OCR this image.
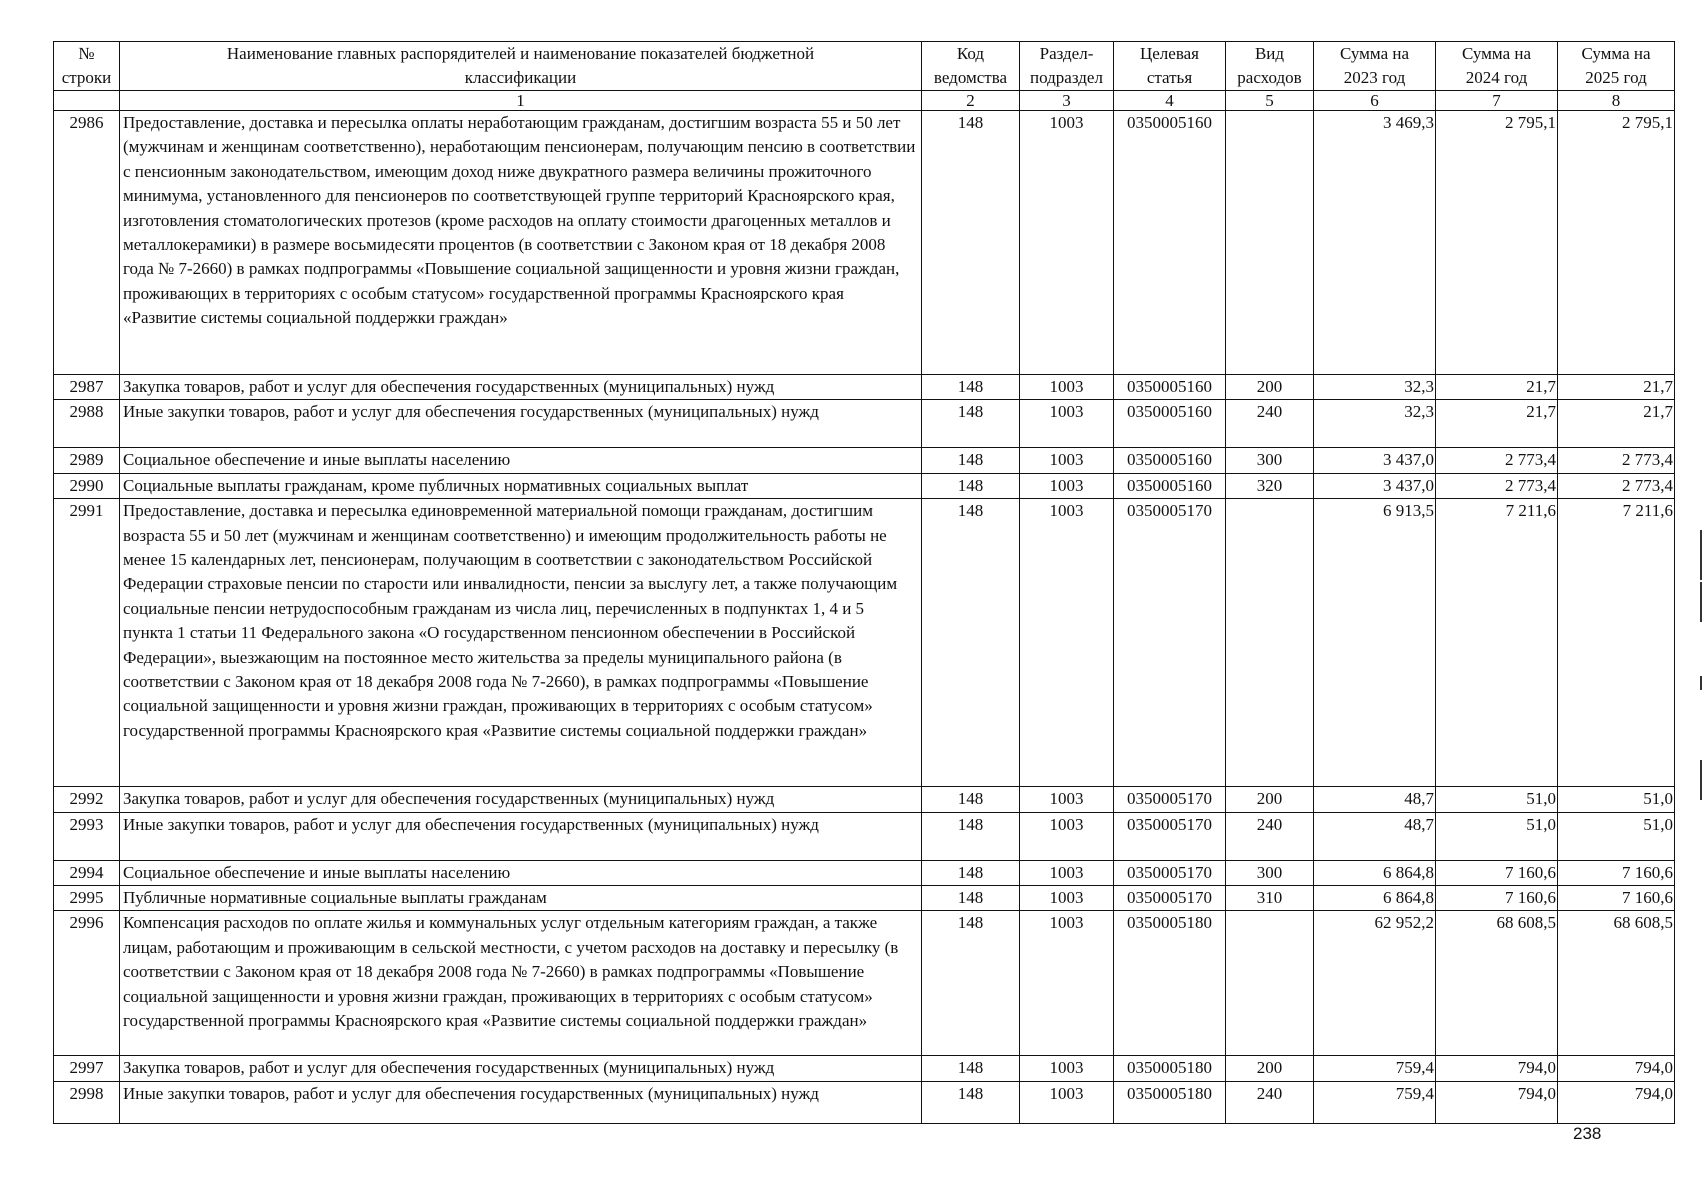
№ строки	Наименование главных распорядителей и наименование показателей бюджетной классификации	Код ведомства	Раздел-подраздел	Целевая статья	Вид расходов	Сумма на 2023 год	Сумма на 2024 год	Сумма на 2025 год
	1	2	3	4	5	6	7	8
2986	Предоставление, доставка и пересылка оплаты неработающим гражданам, достигшим возраста 55 и 50 лет (мужчинам и женщинам соответственно), неработающим пенсионерам, получающим пенсию в соответствии с пенсионным законодательством, имеющим доход ниже двукратного размера величины прожиточного минимума, установленного для пенсионеров по соответствующей группе территорий Красноярского края, изготовления стоматологических протезов (кроме расходов на оплату стоимости драгоценных металлов и металлокерамики) в размере восьмидесяти процентов (в соответствии с Законом края от 18 декабря 2008 года № 7-2660) в рамках подпрограммы «Повышение социальной защищенности и уровня жизни граждан, проживающих в территориях с особым статусом» государственной программы Красноярского края «Развитие системы социальной поддержки граждан»	148	1003	0350005160		3 469,3	2 795,1	2 795,1
2987	Закупка товаров, работ и услуг для обеспечения государственных (муниципальных) нужд	148	1003	0350005160	200	32,3	21,7	21,7
2988	Иные закупки товаров, работ и услуг для обеспечения государственных (муниципальных) нужд	148	1003	0350005160	240	32,3	21,7	21,7
2989	Социальное обеспечение и иные выплаты населению	148	1003	0350005160	300	3 437,0	2 773,4	2 773,4
2990	Социальные выплаты гражданам, кроме публичных нормативных социальных выплат	148	1003	0350005160	320	3 437,0	2 773,4	2 773,4
2991	Предоставление, доставка и пересылка единовременной материальной помощи гражданам, достигшим возраста 55 и 50 лет (мужчинам и женщинам соответственно) и имеющим продолжительность работы не менее 15 календарных лет, пенсионерам, получающим в соответствии с законодательством Российской Федерации страховые пенсии по старости или инвалидности, пенсии за выслугу лет, а также получающим социальные пенсии нетрудоспособным гражданам из числа лиц, перечисленных в подпунктах 1, 4 и 5 пункта 1 статьи 11 Федерального закона «О государственном пенсионном обеспечении в Российской Федерации», выезжающим на постоянное место жительства за пределы муниципального района (в соответствии с Законом края от 18 декабря 2008 года № 7-2660), в рамках подпрограммы «Повышение социальной защищенности и уровня жизни граждан, проживающих в территориях с особым статусом» государственной программы Красноярского края «Развитие системы социальной поддержки граждан»	148	1003	0350005170		6 913,5	7 211,6	7 211,6
2992	Закупка товаров, работ и услуг для обеспечения государственных (муниципальных) нужд	148	1003	0350005170	200	48,7	51,0	51,0
2993	Иные закупки товаров, работ и услуг для обеспечения государственных (муниципальных) нужд	148	1003	0350005170	240	48,7	51,0	51,0
2994	Социальное обеспечение и иные выплаты населению	148	1003	0350005170	300	6 864,8	7 160,6	7 160,6
2995	Публичные нормативные социальные выплаты гражданам	148	1003	0350005170	310	6 864,8	7 160,6	7 160,6
2996	Компенсация расходов по оплате жилья и коммунальных услуг отдельным категориям граждан, а также лицам, работающим и проживающим в сельской местности, с учетом расходов на доставку и пересылку (в соответствии с Законом края от 18 декабря 2008 года № 7-2660) в рамках подпрограммы «Повышение социальной защищенности и уровня жизни граждан, проживающих в территориях с особым статусом» государственной программы Красноярского края «Развитие системы социальной поддержки граждан»	148	1003	0350005180		62 952,2	68 608,5	68 608,5
2997	Закупка товаров, работ и услуг для обеспечения государственных (муниципальных) нужд	148	1003	0350005180	200	759,4	794,0	794,0
2998	Иные закупки товаров, работ и услуг для обеспечения государственных (муниципальных) нужд	148	1003	0350005180	240	759,4	794,0	794,0
238
